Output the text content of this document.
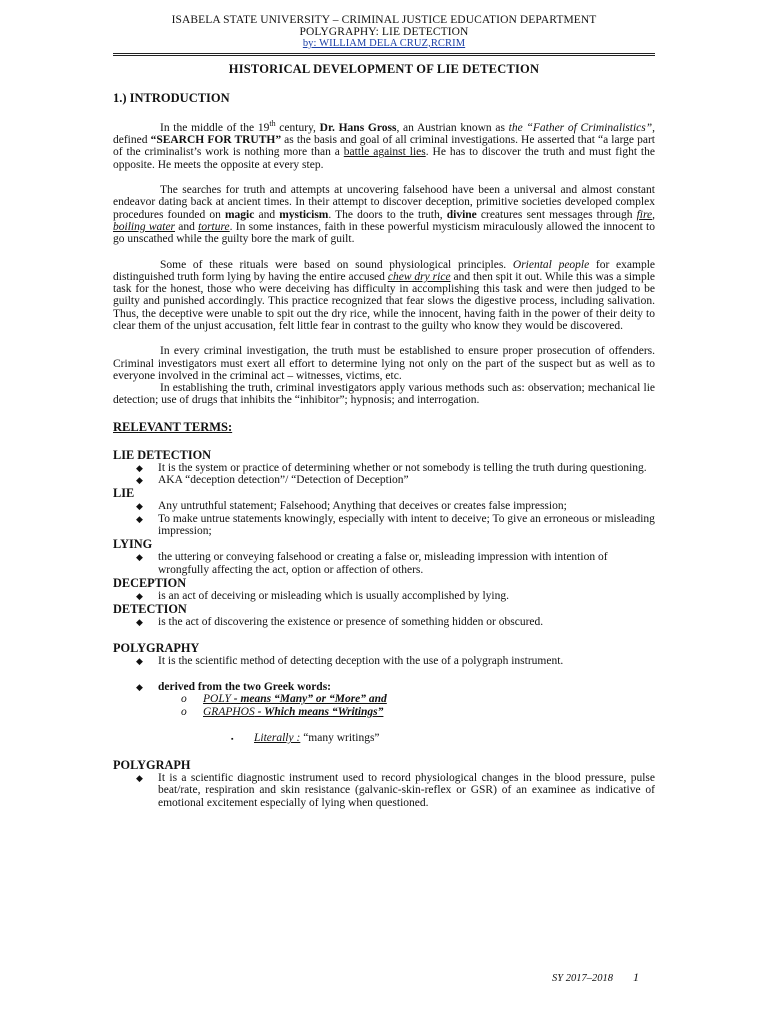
ISABELA STATE UNIVERSITY – CRIMINAL JUSTICE EDUCATION DEPARTMENT
POLYGRAPHY: LIE DETECTION
by: WILLIAM DELA CRUZ,RCRIM
HISTORICAL DEVELOPMENT OF LIE DETECTION
1.) INTRODUCTION

In the middle of the 19th century, Dr. Hans Gross, an Austrian known as the “Father of Criminalistics”, defined “SEARCH FOR TRUTH” as the basis and goal of all criminal investigations. He asserted that “a large part of the criminalist’s work is nothing more than a battle against lies. He has to discover the truth and must fight the opposite. He meets the opposite at every step.

The searches for truth and attempts at uncovering falsehood have been a universal and almost constant endeavor dating back at ancient times. In their attempt to discover deception, primitive societies developed complex procedures founded on magic and mysticism. The doors to the truth, divine creatures sent messages through fire, boiling water and torture. In some instances, faith in these powerful mysticism miraculously allowed the innocent to go unscathed while the guilty bore the mark of guilt.

Some of these rituals were based on sound physiological principles. Oriental people for example distinguished truth form lying by having the entire accused chew dry rice and then spit it out. While this was a simple task for the honest, those who were deceiving has difficulty in accomplishing this task and were then judged to be guilty and punished accordingly. This practice recognized that fear slows the digestive process, including salivation. Thus, the deceptive were unable to spit out the dry rice, while the innocent, having faith in the power of their deity to clear them of the unjust accusation, felt little fear in contrast to the guilty who know they would be discovered.

In every criminal investigation, the truth must be established to ensure proper prosecution of offenders. Criminal investigators must exert all effort to determine lying not only on the part of the suspect but as well as to everyone involved in the criminal act – witnesses, victims, etc.

In establishing the truth, criminal investigators apply various methods such as: observation; mechanical lie detection; use of drugs that inhibits the “inhibitor”; hypnosis; and interrogation.

RELEVANT TERMS:
LIE DETECTION
◆ It is the system or practice of determining whether or not somebody is telling the truth during questioning.
◆ AKA “deception detection”/ “Detection of Deception”
LIE
◆ Any untruthful statement; Falsehood; Anything that deceives or creates false impression;
◆ To make untrue statements knowingly, especially with intent to deceive; To give an erroneous or misleading impression;
LYING
◆ the uttering or conveying falsehood or creating a false or, misleading impression with intention of wrongfully affecting the act, option or affection of others.
DECEPTION
◆ is an act of deceiving or misleading which is usually accomplished by lying.
DETECTION
◆ is the act of discovering the existence or presence of something hidden or obscured.
POLYGRAPHY
◆ It is the scientific method of detecting deception with the use of a polygraph instrument.
◆ derived from the two Greek words:
o POLY - means “Many” or “More” and
o GRAPHOS - Which means “Writings”
▪ Literally : “many writings”
POLYGRAPH
◆ It is a scientific diagnostic instrument used to record physiological changes in the blood pressure, pulse beat/rate, respiration and skin resistance (galvanic-skin-reflex or GSR) of an examinee as indicative of emotional excitement especially of lying when questioned.
SY 2017–2018 1
